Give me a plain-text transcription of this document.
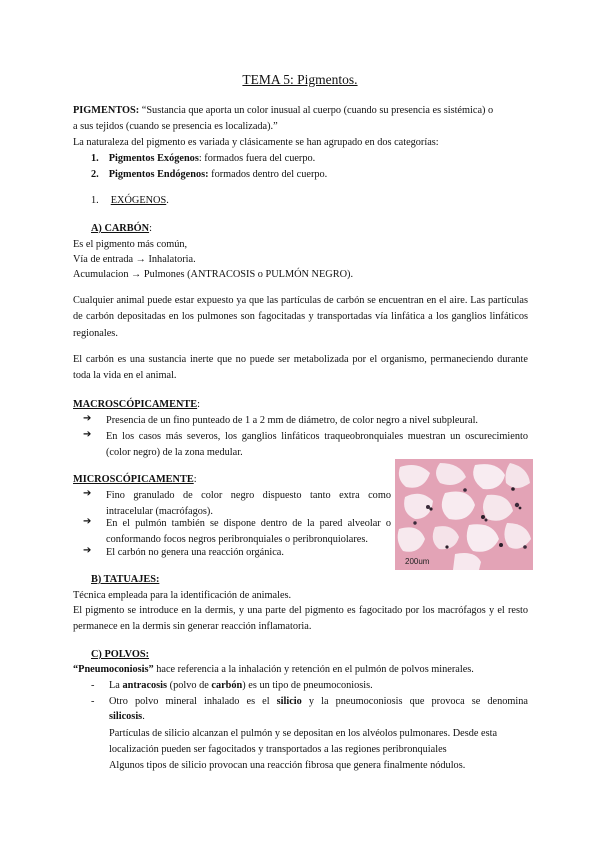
TEMA 5: Pigmentos.

PIGMENTOS: “Sustancia que aporta un color inusual al cuerpo (cuando su presencia es sistémica) o

a sus tejidos (cuando se presencia es localizada).”

La naturaleza del pigmento es variada y clásicamente se han agrupado en dos categorías:

1. Pigmentos Exógenos: formados fuera del cuerpo.

2. Pigmentos Endógenos: formados dentro del cuerpo.

1. EXÓGENOS.

A) CARBÓN:

Es el pigmento más común,

Vía de entrada → Inhalatoria.

Acumulacion → Pulmones (ANTRACOSIS o PULMÓN NEGRO).

Cualquier animal puede estar expuesto ya que las partículas de carbón se encuentran en el aire. Las partículas de carbón depositadas en los pulmones son fagocitadas y transportadas vía linfática a los ganglios linfáticos regionales.

El carbón es una sustancia inerte que no puede ser metabolizada por el organismo, permaneciendo durante toda la vida en el animal.

MACROSCÓPICAMENTE:

➔ Presencia de un fino punteado de 1 a 2 mm de diámetro, de color negro a nivel subpleural.

➔ En los casos más severos, los ganglios linfáticos traqueobronquiales muestran un oscurecimiento (color negro) de la zona medular.

MICROSCÓPICAMENTE:

➔ Fino granulado de color negro dispuesto tanto extra como intracelular (macrófagos).

➔ En el pulmón también se dispone dentro de la pared alveolar o conformando focos negros peribronquiales o peribronquiolares.

➔ El carbón no genera una reacción orgánica.

200um

B) TATUAJES:

Técnica empleada para la identificación de animales.

El pigmento se introduce en la dermis, y una parte del pigmento es fagocitado por los macrófagos y el resto permanece en la dermis sin generar reacción inflamatoria.

C) POLVOS:

“Pneumoconiosis” hace referencia a la inhalación y retención en el pulmón de polvos minerales.

- La antracosis (polvo de carbón) es un tipo de pneumoconiosis.

- Otro polvo mineral inhalado es el silicio y la pneumoconiosis que provoca se denomina

silicosis.

Partículas de silicio alcanzan el pulmón y se depositan en los alvéolos pulmonares. Desde esta

localización pueden ser fagocitados y transportados a las regiones peribronquiales

Algunos tipos de silicio provocan una reacción fibrosa que genera finalmente nódulos.
